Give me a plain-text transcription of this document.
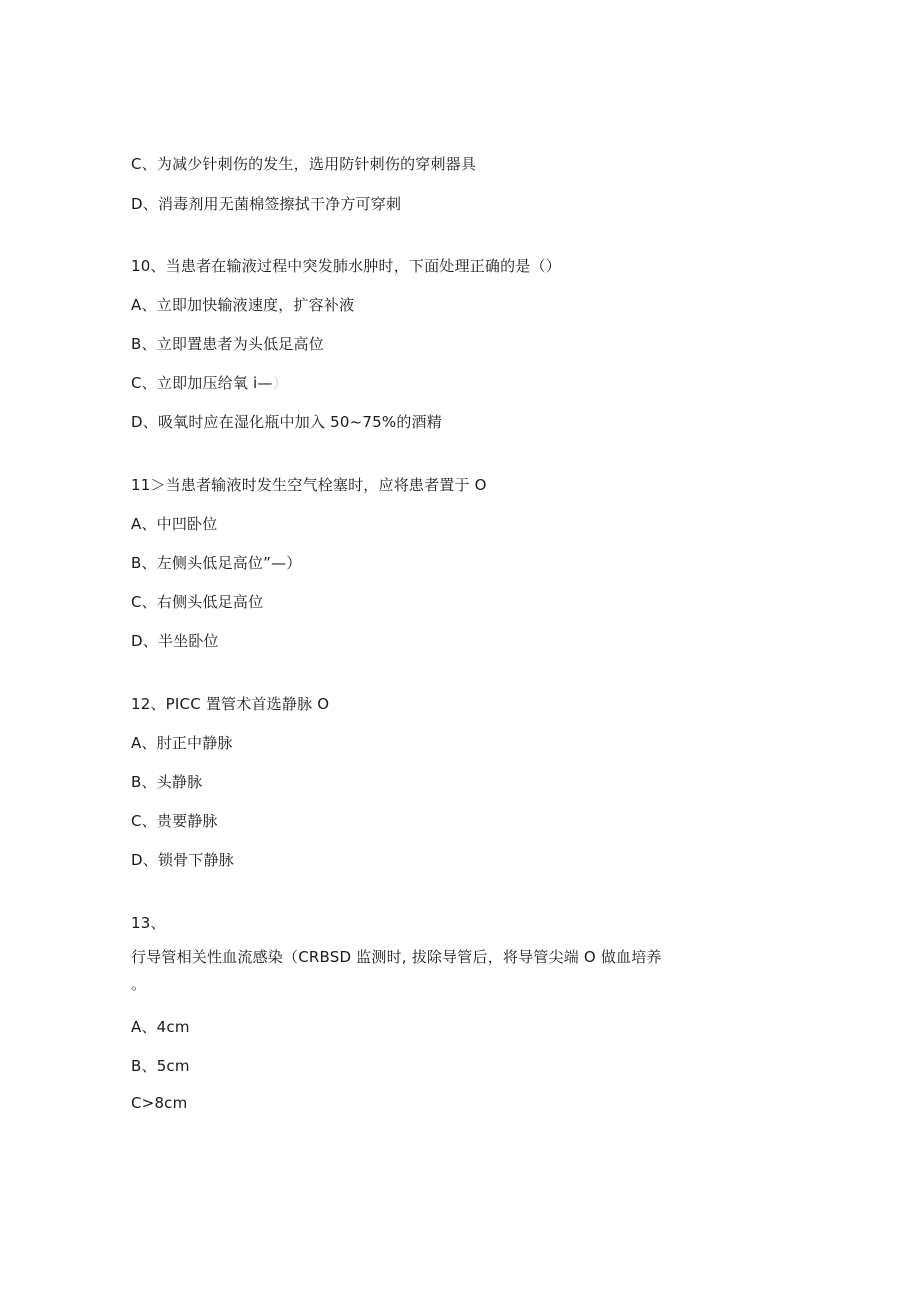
C、为减少针刺伤的发生，选用防针刺伤的穿刺器具
D、消毒剂用无菌棉签擦拭干净方可穿刺
10、当患者在输液过程中突发肺水肿时，下面处理正确的是（）
A、立即加快输液速度，扩容补液
B、立即置患者为头低足高位
C、立即加压给氧 i—）
D、吸氧时应在湿化瓶中加入 50~75%的酒精
11＞当患者输液时发生空气栓塞时，应将患者置于 O
A、中凹卧位
B、左侧头低足高位”—）
C、右侧头低足高位
D、半坐卧位
12、PICC 置管术首选静脉 O
A、肘正中静脉
B、头静脉
C、贵要静脉
D、锁骨下静脉
13、
行导管相关性血流感染（CRBSD 监测时, 拔除导管后，将导管尖端 O 做血培养
。
A、4cm
B、5cm
C>8cm
